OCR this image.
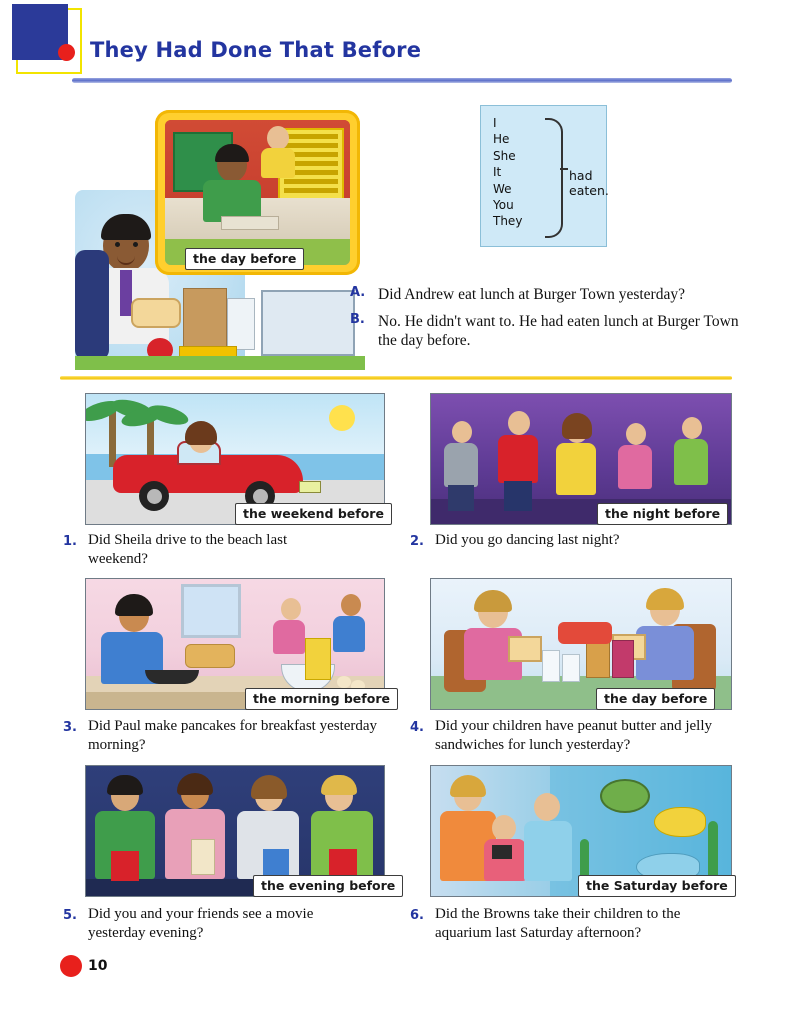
They Had Done That Before
the day before
I
He
She
It
We
You
They
had eaten.
A. Did Andrew eat lunch at Burger Town yesterday?
B. No. He didn't want to. He had eaten lunch at Burger Town the day before.
the weekend before
1. Did Sheila drive to the beach last weekend?
the night before
2. Did you go dancing last night?
the morning before
3. Did Paul make pancakes for breakfast yesterday morning?
the day before
4. Did your children have peanut butter and jelly sandwiches for lunch yesterday?
the evening before
5. Did you and your friends see a movie yesterday evening?
the Saturday before
6. Did the Browns take their children to the aquarium last Saturday afternoon?
10
